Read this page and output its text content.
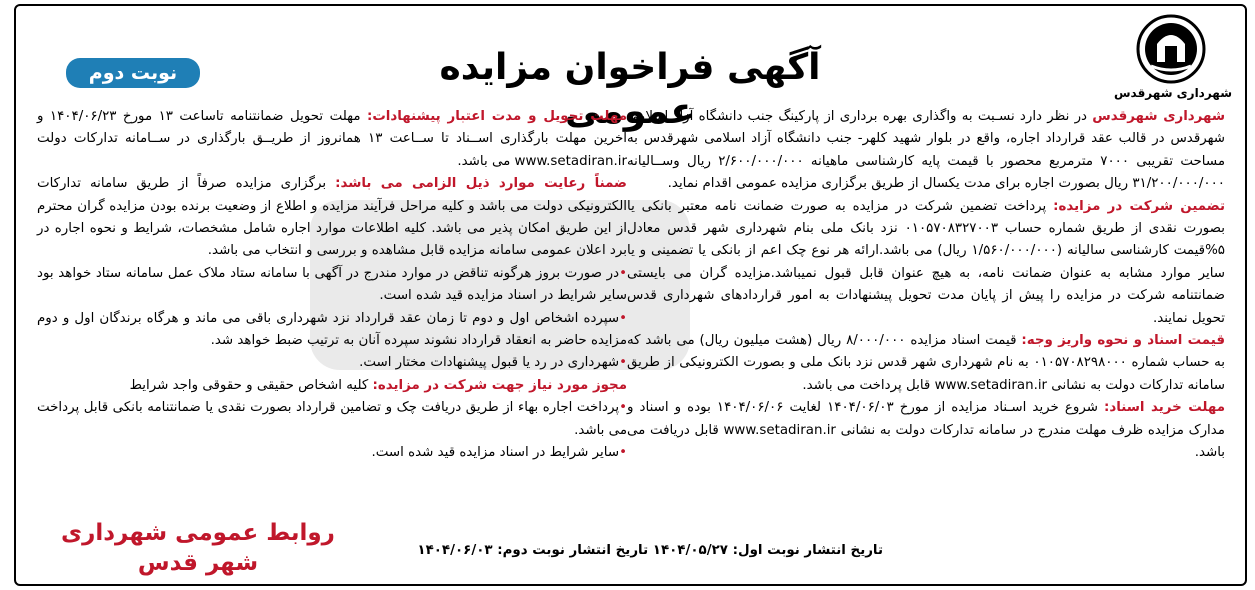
شهرداری شهرقدس
آگهی فراخوان مزایده عمومی
نوبت دوم

شهرداری شهرقدس در نظر دارد نسـبت به واگذاری بهره برداری از پارکینگ جنب دانشگاه آزاد اسلامی شهرقدس در قالب عقد قرارداد اجاره، واقع در بلوار شهید کلهر- جنب دانشگاه آزاد اسلامی شهرقدس به مساحت تقریبی ۷۰۰۰ مترمربع محصور با قیمت پایه کارشناسی ماهیانه ۲/۶۰۰/۰۰۰/۰۰۰ ریال وســالیانه ۳۱/۲۰۰/۰۰۰/۰۰۰ ریال بصورت اجاره برای مدت یکسال از طریق برگزاری مزایده عمومی اقدام نماید.

تضمین شرکت در مزایده: پرداخت تضمین شرکت در مزایده به صورت ضمانت نامه معتبر بانکی یا بصورت نقدی از طریق شماره حساب ۰۱۰۵۷۰۸۳۲۷۰۰۳ نزد بانک ملی بنام شهرداری شهر قدس معادل ۵%قیمت کارشناسی سالیانه (۱/۵۶۰/۰۰۰/۰۰۰ ریال) می باشد.ارائه هر نوع چک اعم از بانکی یا تضمینی و یا سایر موارد مشابه به عنوان ضمانت نامه، به هیچ عنوان قابل قبول نمیباشد.مزایده گران می بایستی ضمانتنامه شرکت در مزایده را پیش از پایان مدت تحویل پیشنهادات به امور قراردادهای شهرداری قدس تحویل نمایند.

قیمت اسناد و نحوه واریز وجه: قیمت اسناد مزایده ۸/۰۰۰/۰۰۰ ریال (هشت میلیون ریال) می باشد که به حساب شماره ۰۱۰۵۷۰۸۲۹۸۰۰۰ به نام شهرداری شهر قدس نزد بانک ملی و بصورت الکترونیکی از طریق سامانه تدارکات دولت به نشانی www.setadiran.ir قابل پرداخت می باشد.

مهلت خرید اسناد: شروع خرید اسـناد مزایده از مورخ ۱۴۰۴/۰۶/۰۳ لغایت ۱۴۰۴/۰۶/۰۶ بوده و اسناد و مدارک مزایده ظرف مهلت مندرج در سامانه تدارکات دولت به نشانی www.setadiran.ir قابل دریافت می باشد.

مهلت تحویل و مدت اعتبار پیشنهادات: مهلت تحویل ضمانتنامه تاساعت ۱۳ مورخ ۱۴۰۴/۰۶/۲۳ و آخرین مهلت بارگذاری اســناد تا ســاعت ۱۳ همانروز از طریــق بارگذاری در ســامانه تدارکات دولت www.setadiran.ir می باشد.

ضمناً رعایت موارد ذیل الزامی می باشد: برگزاری مزایده صرفاً از طریق سامانه تدارکات الکترونیکی دولت می باشد و کلیه مراحل فرآیند مزایده و اطلاع از وضعیت برنده بودن مزایده گران محترم از این طریق امکان پذیر می باشد. کلیه اطلاعات موارد اجاره شامل مشخصات، شرایط و نحوه اجاره در برد اعلان عمومی سامانه مزایده قابل مشاهده و بررسی و انتخاب می باشد.

•در صورت بروز هرگونه تناقض در موارد مندرج در آگهی با سامانه ستاد ملاک عمل سامانه ستاد خواهد بود سایر شرایط در اسناد مزایده قید شده است.

•سپرده اشخاص اول و دوم تا زمان عقد قرارداد نزد شهرداری باقی می ماند و هرگاه برندگان اول و دوم مزایده حاضر به انعقاد قرارداد نشوند سپرده آنان به ترتیب ضبط خواهد شد.

•شهرداری در رد یا قبول پیشنهادات مختار است.

مجوز مورد نیاز جهت شرکت در مزایده: کلیه اشخاص حقیقی و حقوقی واجد شرایط

•پرداخت اجاره بهاء از طریق دریافت چک و تضامین قرارداد بصورت نقدی یا ضمانتنامه بانکی قابل پرداخت می باشد.

•سایر شرایط در اسناد مزایده قید شده است.

تاریخ انتشار نوبت اول: ۱۴۰۴/۰۵/۲۷ تاریخ انتشار نوبت دوم: ۱۴۰۴/۰۶/۰۳
روابط عمومی شهرداری شهر قدس
